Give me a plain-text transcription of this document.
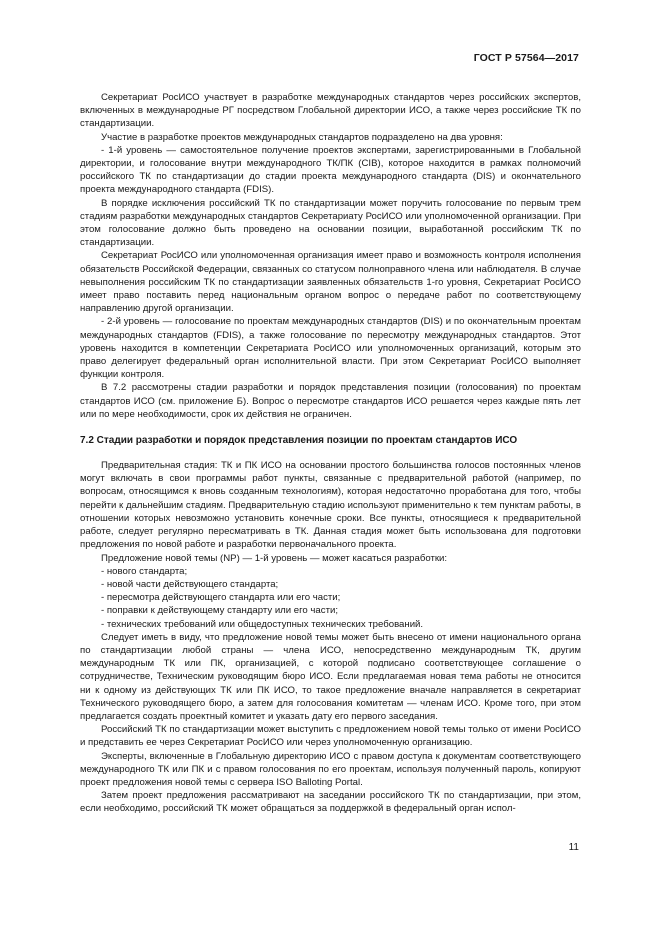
ГОСТ Р 57564—2017

Секретариат РосИСО участвует в разработке международных стандартов через российских экспертов, включенных в международные РГ посредством Глобальной директории ИСО, а также через российские ТК по стандартизации.

Участие в разработке проектов международных стандартов подразделено на два уровня:

- 1-й уровень — самостоятельное получение проектов экспертами, зарегистрированными в Глобальной директории, и голосование внутри международного ТК/ПК (CIB), которое находится в рамках полномочий российского ТК по стандартизации до стадии проекта международного стандарта (DIS) и окончательного проекта международного стандарта (FDIS).

В порядке исключения российский ТК по стандартизации может поручить голосование по первым трем стадиям разработки международных стандартов Секретариату РосИСО или уполномоченной организации. При этом голосование должно быть проведено на основании позиции, выработанной российским ТК по стандартизации.

Секретариат РосИСО или уполномоченная организация имеет право и возможность контроля исполнения обязательств Российской Федерации, связанных со статусом полноправного члена или наблюдателя. В случае невыполнения российским ТК по стандартизации заявленных обязательств 1-го уровня, Секретариат РосИСО имеет право поставить перед национальным органом вопрос о передаче работ по соответствующему направлению другой организации.

- 2-й уровень — голосование по проектам международных стандартов (DIS) и по окончательным проектам международных стандартов (FDIS), а также голосование по пересмотру международных стандартов. Этот уровень находится в компетенции Секретариата РосИСО или уполномоченных организаций, которым это право делегирует федеральный орган исполнительной власти. При этом Секретариат РосИСО выполняет функции контроля.

В 7.2 рассмотрены стадии разработки и порядок представления позиции (голосования) по проектам стандартов ИСО (см. приложение Б). Вопрос о пересмотре стандартов ИСО решается через каждые пять лет или по мере необходимости, срок их действия не ограничен.

7.2 Стадии разработки и порядок представления позиции по проектам стандартов ИСО

Предварительная стадия: ТК и ПК ИСО на основании простого большинства голосов постоянных членов могут включать в свои программы работ пункты, связанные с предварительной работой (например, по вопросам, относящимся к вновь созданным технологиям), которая недостаточно проработана для того, чтобы перейти к дальнейшим стадиям. Предварительную стадию используют применительно к тем пунктам работы, в отношении которых невозможно установить конечные сроки. Все пункты, относящиеся к предварительной работе, следует регулярно пересматривать в ТК. Данная стадия может быть использована для подготовки предложения по новой работе и разработки первоначального проекта.

Предложение новой темы (NP) — 1-й уровень — может касаться разработки:

- нового стандарта;

- новой части действующего стандарта;

- пересмотра действующего стандарта или его части;

- поправки к действующему стандарту или его части;

- технических требований или общедоступных технических требований.

Следует иметь в виду, что предложение новой темы может быть внесено от имени национального органа по стандартизации любой страны — члена ИСО, непосредственно международным ТК, другим международным ТК или ПК, организацией, с которой подписано соответствующее соглашение о сотрудничестве, Техническим руководящим бюро ИСО. Если предлагаемая новая тема работы не относится ни к одному из действующих ТК или ПК ИСО, то такое предложение вначале направляется в секретариат Технического руководящего бюро, а затем для голосования комитетам — членам ИСО. Кроме того, при этом предлагается создать проектный комитет и указать дату его первого заседания.

Российский ТК по стандартизации может выступить с предложением новой темы только от имени РосИСО и представить ее через Секретариат РосИСО или через уполномоченную организацию.

Эксперты, включенные в Глобальную директорию ИСО с правом доступа к документам соответствующего международного ТК или ПК и с правом голосования по его проектам, используя полученный пароль, копируют проект предложения новой темы с сервера ISO Balloting Portal.

Затем проект предложения рассматривают на заседании российского ТК по стандартизации, при этом, если необходимо, российский ТК может обращаться за поддержкой в федеральный орган испол-

11
